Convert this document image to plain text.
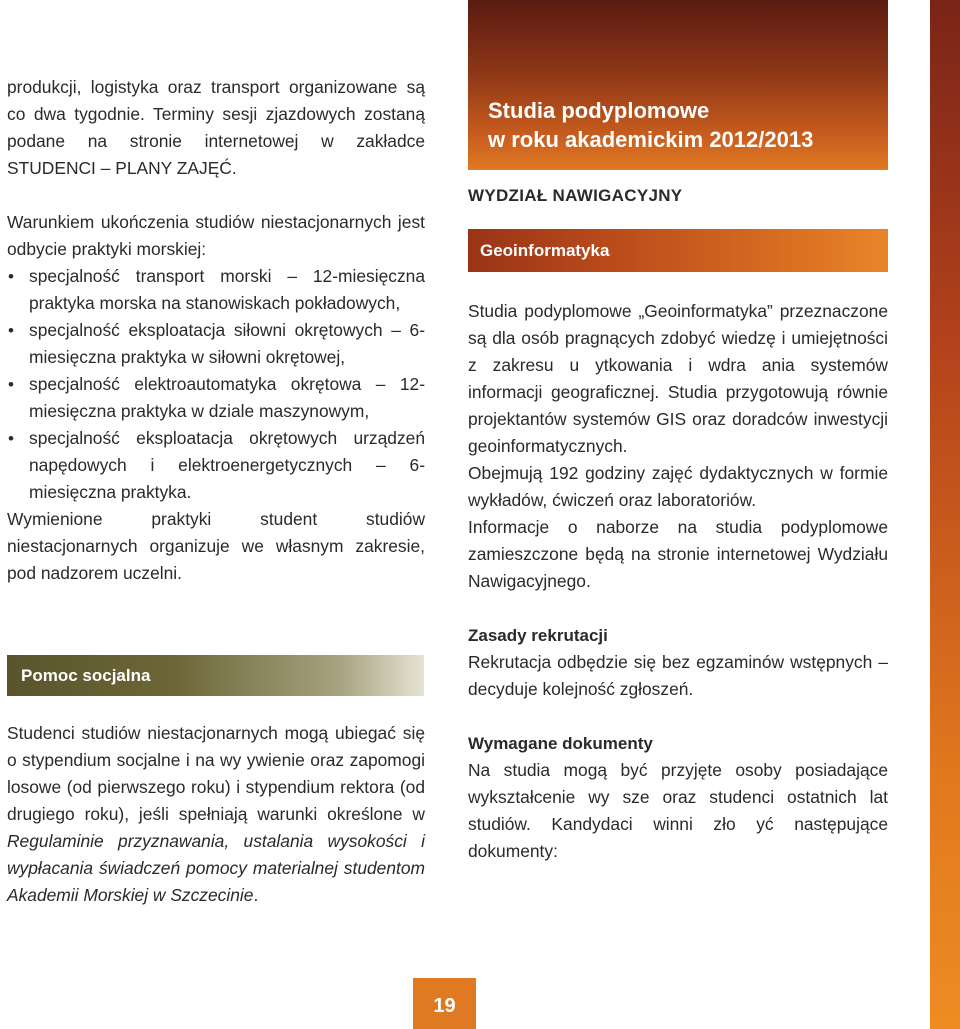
produkcji, logistyka oraz transport organizowane są co dwa tygodnie. Terminy sesji zjazdowych zostaną podane na stronie internetowej w zakładce STUDENCI – PLANY ZAJĘĆ.

Warunkiem ukończenia studiów niestacjonarnych jest odbycie praktyki morskiej:

• specjalność transport morski – 12-miesięczna praktyka morska na stanowiskach pokładowych,
• specjalność eksploatacja siłowni okrętowych – 6-miesięczna praktyka w siłowni okrętowej,
• specjalność elektroautomatyka okrętowa – 12-miesięczna praktyka w dziale maszynowym,
• specjalność eksploatacja okrętowych urządzeń napędowych i elektroenergetycznych – 6-miesięczna praktyka.

Wymienione praktyki student studiów niestacjonarnych organizuje we własnym zakresie, pod nadzorem uczelni.

Pomoc socjalna

Studenci studiów niestacjonarnych mogą ubiegać się o stypendium socjalne i na wy ywienie oraz zapomogi losowe (od pierwszego roku) i stypendium rektora (od drugiego roku), jeśli spełniają warunki określone w Regulaminie przyznawania, ustalania wysokości i wypłacania świadczeń pomocy materialnej studentom Akademii Morskiej w Szczecinie.

Studia podyplomowe
w roku akademickim 2012/2013
WYDZIAŁ NAWIGACYJNY
Geoinformatyka

Studia podyplomowe „Geoinformatyka” przeznaczone są dla osób pragnących zdobyć wiedzę i umiejętności z zakresu u ytkowania i wdra ania systemów informacji geograficznej. Studia przygotowują równie projektantów systemów GIS oraz doradców inwestycji geoinformatycznych.

Obejmują 192 godziny zajęć dydaktycznych w formie wykładów, ćwiczeń oraz laboratoriów.

Informacje o naborze na studia podyplomowe zamieszczone będą na stronie internetowej Wydziału Nawigacyjnego.

Zasady rekrutacji

Rekrutacja odbędzie się bez egzaminów wstępnych – decyduje kolejność zgłoszeń.

Wymagane dokumenty

Na studia mogą być przyjęte osoby posiadające wykształcenie wy sze oraz studenci ostatnich lat studiów. Kandydaci winni zło yć następujące dokumenty:

19
